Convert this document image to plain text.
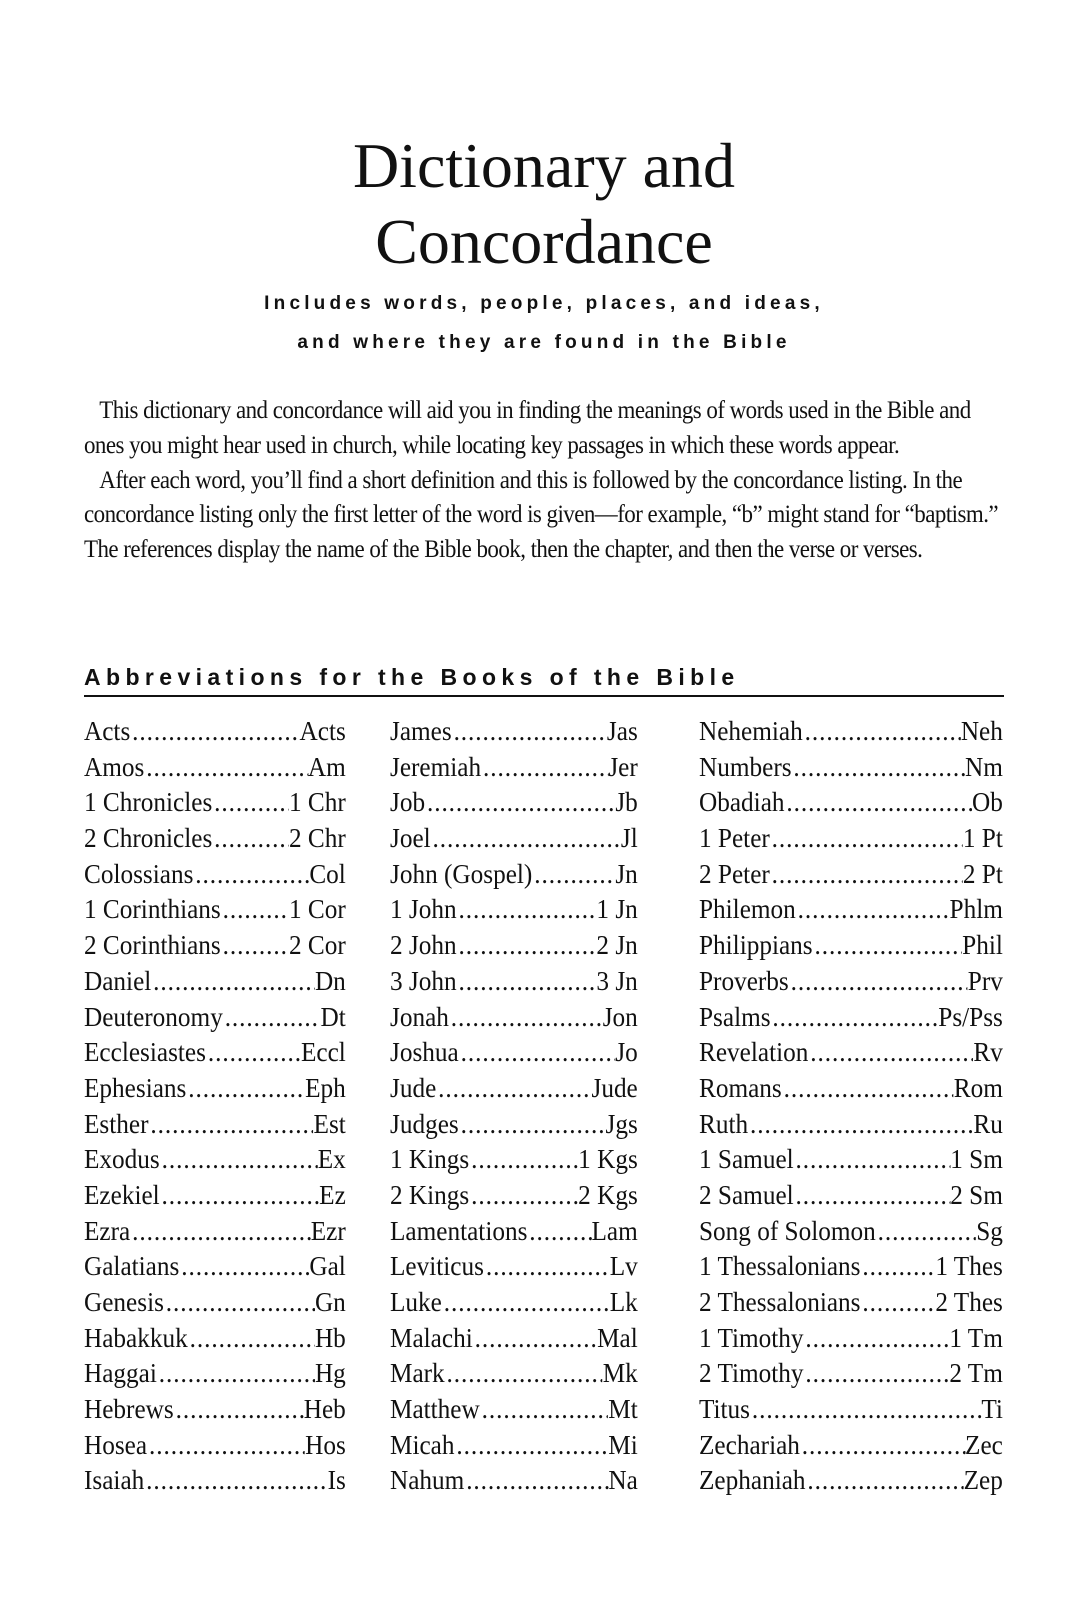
Dictionary and
Concordance
Includes words, people, places, and ideas,
and where they are found in the Bible

This dictionary and concordance will aid you in finding the meanings of words used in the Bible and ones you might hear used in church, while locating key passages in which these words appear.

After each word, you’ll find a short definition and this is followed by the concordance listing. In the concordance listing only the first letter of the word is given—for example, “b” might stand for “baptism.” The references display the name of the Bible book, then the chapter, and then the verse or verses.

Abbreviations for the Books of the Bible
Acts .....	Acts
Amos .....	Am
1 Chronicles .....	1 Chr
2 Chronicles .....	2 Chr
Colossians .....	Col
1 Corinthians .....	1 Cor
2 Corinthians .....	2 Cor
Daniel .....	Dn
Deuteronomy .....	Dt
Ecclesiastes .....	Eccl
Ephesians .....	Eph
Esther .....	Est
Exodus .....	Ex
Ezekiel .....	Ez
Ezra .....	Ezr
Galatians .....	Gal
Genesis .....	Gn
Habakkuk .....	Hb
Haggai .....	Hg
Hebrews .....	Heb
Hosea .....	Hos
Isaiah .....	Is
James .....	Jas
Jeremiah .....	Jer
Job .....	Jb
Joel .....	Jl
John (Gospel) .....	Jn
1 John .....	1 Jn
2 John .....	2 Jn
3 John .....	3 Jn
Jonah .....	Jon
Joshua .....	Jo
Jude .....	Jude
Judges .....	Jgs
1 Kings .....	1 Kgs
2 Kings .....	2 Kgs
Lamentations ..... Lam
Leviticus .....	Lv
Luke .....	Lk
Malachi .....	Mal
Mark .....	Mk
Matthew .....	Mt
Micah .....	Mi
Nahum .....	Na
Nehemiah .....	Neh
Numbers .....	Nm
Obadiah .....	Ob
1 Peter .....	1 Pt
2 Peter .....	2 Pt
Philemon .....	Phlm
Philippians .....	Phil
Proverbs .....	Prv
Psalms .....	Ps/Pss
Revelation .....	Rv
Romans .....	Rom
Ruth .....	Ru
1 Samuel .....	1 Sm
2 Samuel .....	2 Sm
Song of Solomon .....	Sg
1 Thessalonians .....	1 Thes
2 Thessalonians .....	2 Thes
1 Timothy .....	1 Tm
2 Timothy .....	2 Tm
Titus .....	Ti
Zechariah .....	Zec
Zephaniah .....	Zep
